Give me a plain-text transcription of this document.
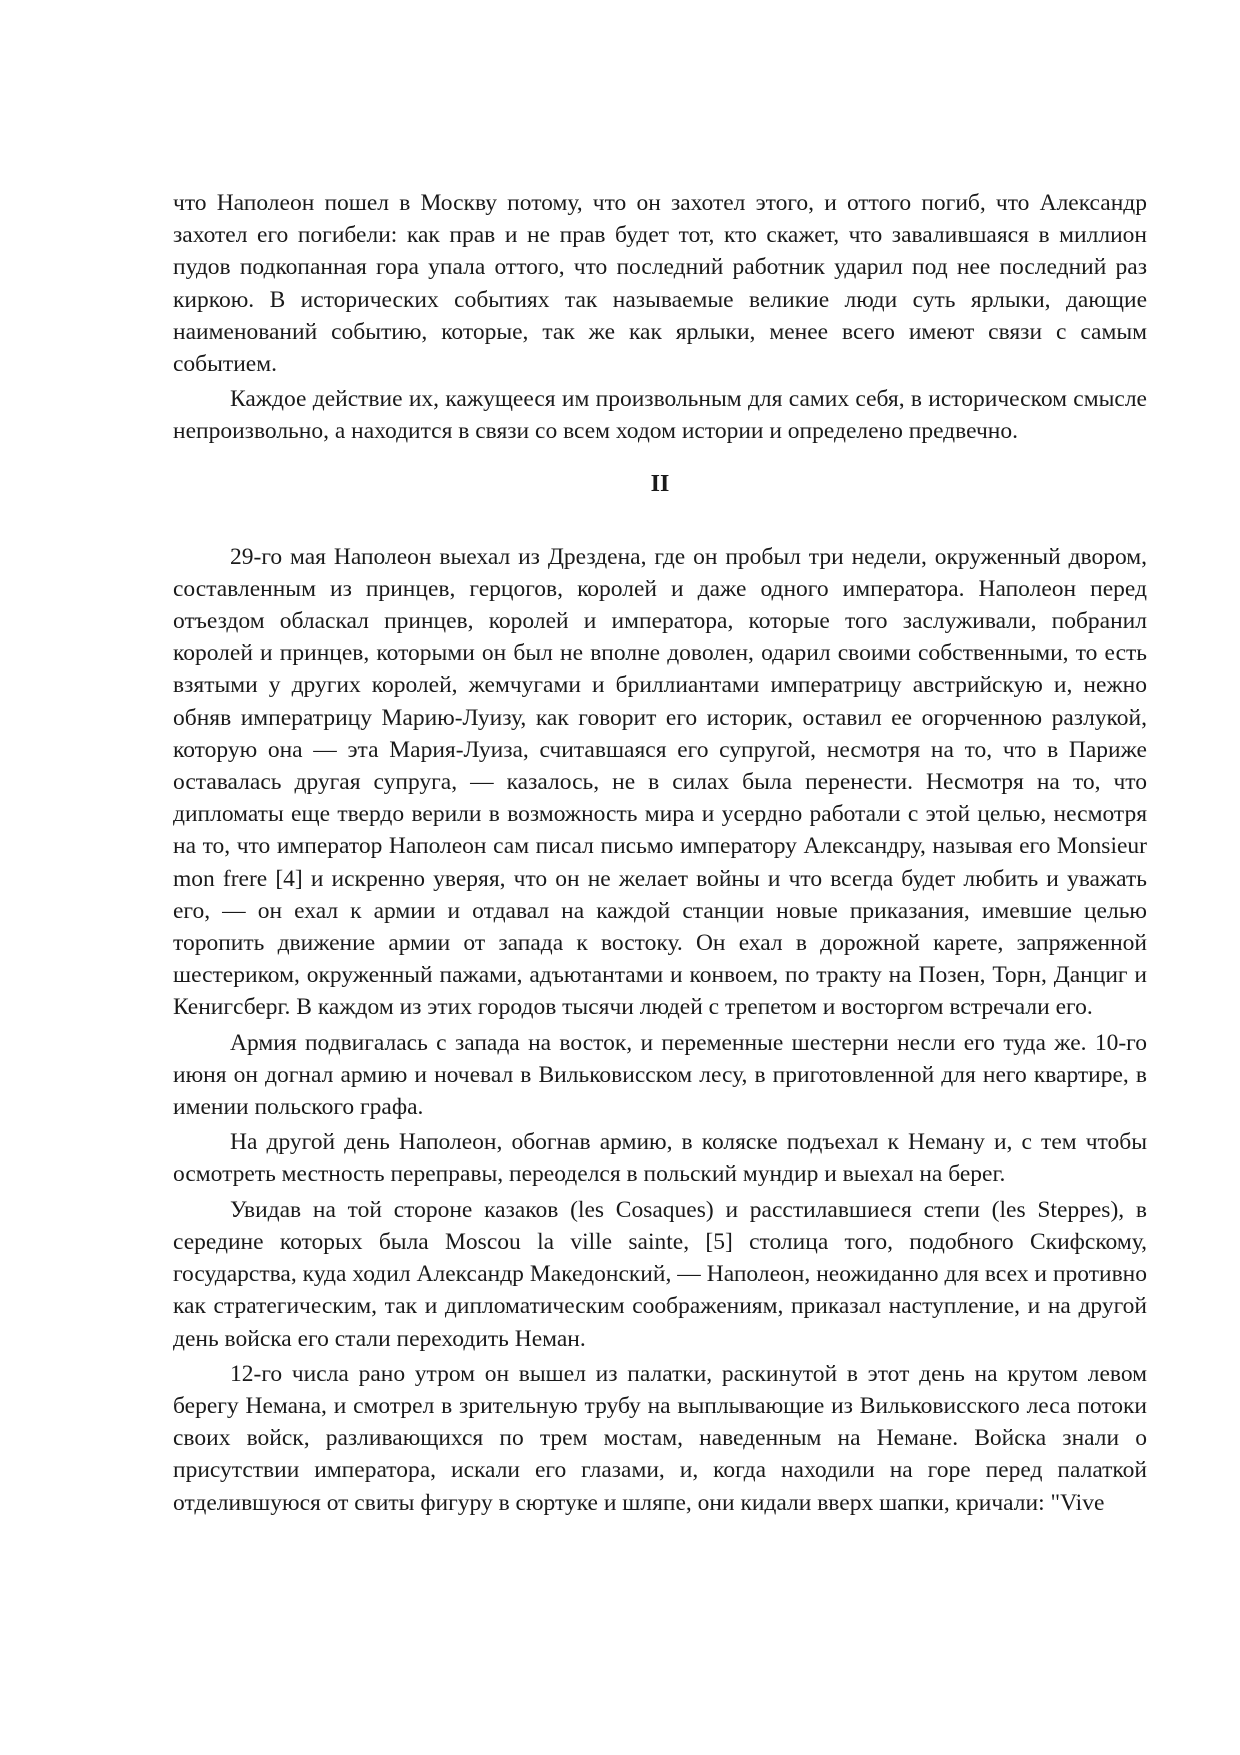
что Наполеон пошел в Москву потому, что он захотел этого, и оттого погиб, что Александр захотел его погибели: как прав и не прав будет тот, кто скажет, что завалившаяся в миллион пудов подкопанная гора упала оттого, что последний работник ударил под нее последний раз киркою. В исторических событиях так называемые великие люди суть ярлыки, дающие наименований событию, которые, так же как ярлыки, менее всего имеют связи с самым событием.

Каждое действие их, кажущееся им произвольным для самих себя, в историческом смысле непроизвольно, а находится в связи со всем ходом истории и определено предвечно.

II

29-го мая Наполеон выехал из Дрездена, где он пробыл три недели, окруженный двором, составленным из принцев, герцогов, королей и даже одного императора. Наполеон перед отъездом обласкал принцев, королей и императора, которые того заслуживали, побранил королей и принцев, которыми он был не вполне доволен, одарил своими собственными, то есть взятыми у других королей, жемчугами и бриллиантами императрицу австрийскую и, нежно обняв императрицу Марию-Луизу, как говорит его историк, оставил ее огорченною разлукой, которую она — эта Мария-Луиза, считавшаяся его супругой, несмотря на то, что в Париже оставалась другая супруга, — казалось, не в силах была перенести. Несмотря на то, что дипломаты еще твердо верили в возможность мира и усердно работали с этой целью, несмотря на то, что император Наполеон сам писал письмо императору Александру, называя его Monsieur mon frere [4] и искренно уверяя, что он не желает войны и что всегда будет любить и уважать его, — он ехал к армии и отдавал на каждой станции новые приказания, имевшие целью торопить движение армии от запада к востоку. Он ехал в дорожной карете, запряженной шестериком, окруженный пажами, адъютантами и конвоем, по тракту на Позен, Торн, Данциг и Кенигсберг. В каждом из этих городов тысячи людей с трепетом и восторгом встречали его.

Армия подвигалась с запада на восток, и переменные шестерни несли его туда же. 10-го июня он догнал армию и ночевал в Вильковисском лесу, в приготовленной для него квартире, в имении польского графа.

На другой день Наполеон, обогнав армию, в коляске подъехал к Неману и, с тем чтобы осмотреть местность переправы, переоделся в польский мундир и выехал на берег.

Увидав на той стороне казаков (les Cosaques) и расстилавшиеся степи (les Steppes), в середине которых была Moscou la ville sainte, [5] столица того, подобного Скифскому, государства, куда ходил Александр Македонский, — Наполеон, неожиданно для всех и противно как стратегическим, так и дипломатическим соображениям, приказал наступление, и на другой день войска его стали переходить Неман.

12-го числа рано утром он вышел из палатки, раскинутой в этот день на крутом левом берегу Немана, и смотрел в зрительную трубу на выплывающие из Вильковисского леса потоки своих войск, разливающихся по трем мостам, наведенным на Немане. Войска знали о присутствии императора, искали его глазами, и, когда находили на горе перед палаткой отделившуюся от свиты фигуру в сюртуке и шляпе, они кидали вверх шапки, кричали: "Vive
